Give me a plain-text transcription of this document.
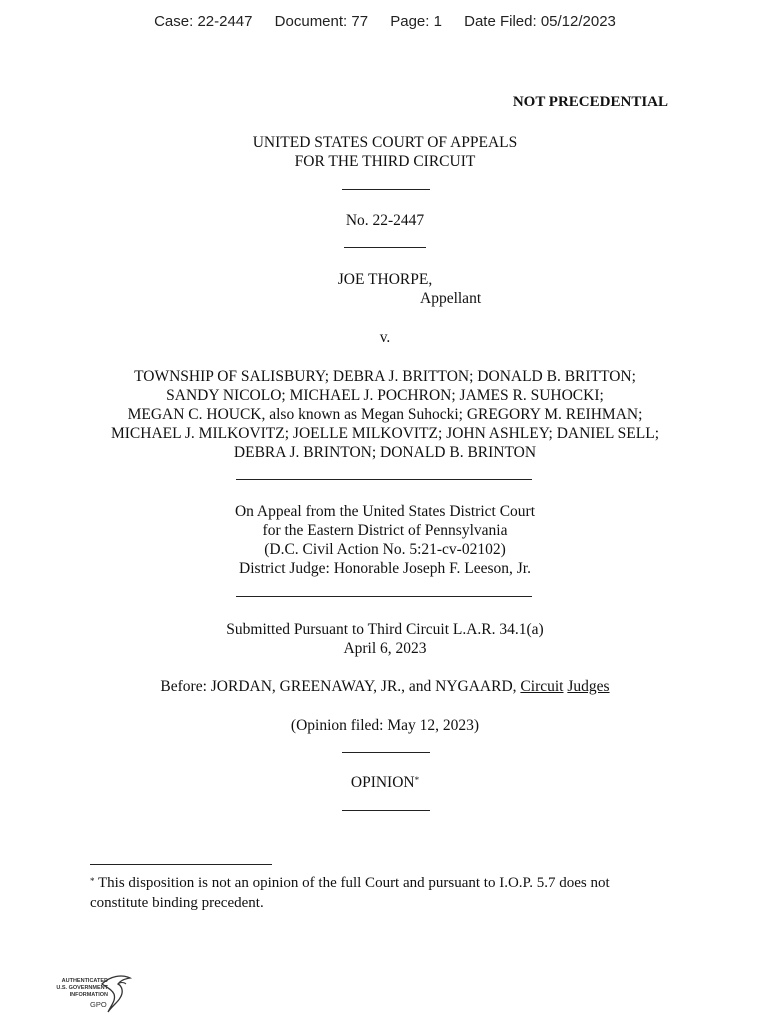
Case: 22-2447 Document: 77 Page: 1 Date Filed: 05/12/2023
NOT PRECEDENTIAL
UNITED STATES COURT OF APPEALS
FOR THE THIRD CIRCUIT
No. 22-2447
JOE THORPE,
Appellant
v.
TOWNSHIP OF SALISBURY; DEBRA J. BRITTON; DONALD B. BRITTON;
SANDY NICOLO; MICHAEL J. POCHRON; JAMES R. SUHOCKI;
MEGAN C. HOUCK, also known as Megan Suhocki; GREGORY M. REIHMAN;
MICHAEL J. MILKOVITZ; JOELLE MILKOVITZ; JOHN ASHLEY; DANIEL SELL;
DEBRA J. BRINTON; DONALD B. BRINTON
On Appeal from the United States District Court
for the Eastern District of Pennsylvania
(D.C. Civil Action No. 5:21-cv-02102)
District Judge: Honorable Joseph F. Leeson, Jr.
Submitted Pursuant to Third Circuit L.A.R. 34.1(a)
April 6, 2023
Before: JORDAN, GREENAWAY, JR., and NYGAARD, Circuit Judges
(Opinion filed: May 12, 2023)
OPINION*
* This disposition is not an opinion of the full Court and pursuant to I.O.P. 5.7 does not
constitute binding precedent.
AUTHENTICATED
U.S. GOVERNMENT
INFORMATION
GPO
